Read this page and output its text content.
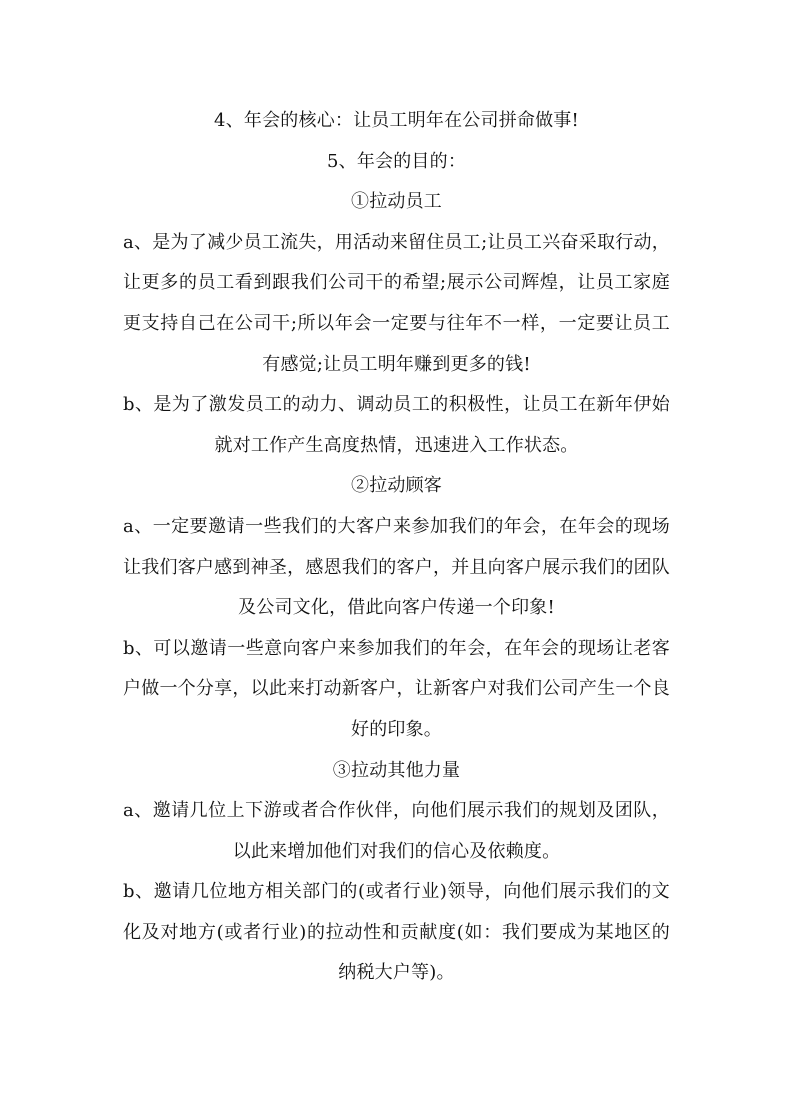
4、年会的核心：让员工明年在公司拼命做事!

5、年会的目的：

①拉动员工

a、是为了减少员工流失，用活动来留住员工;让员工兴奋采取行动，让更多的员工看到跟我们公司干的希望;展示公司辉煌，让员工家庭更支持自己在公司干;所以年会一定要与往年不一样，一定要让员工有感觉;让员工明年赚到更多的钱!

b、是为了激发员工的动力、调动员工的积极性，让员工在新年伊始就对工作产生高度热情，迅速进入工作状态。

②拉动顾客

a、一定要邀请一些我们的大客户来参加我们的年会，在年会的现场让我们客户感到神圣，感恩我们的客户，并且向客户展示我们的团队及公司文化，借此向客户传递一个印象!

b、可以邀请一些意向客户来参加我们的年会，在年会的现场让老客户做一个分享，以此来打动新客户，让新客户对我们公司产生一个良好的印象。

③拉动其他力量

a、邀请几位上下游或者合作伙伴，向他们展示我们的规划及团队，以此来增加他们对我们的信心及依赖度。

b、邀请几位地方相关部门的(或者行业)领导，向他们展示我们的文化及对地方(或者行业)的拉动性和贡献度(如：我们要成为某地区的纳税大户等)。
